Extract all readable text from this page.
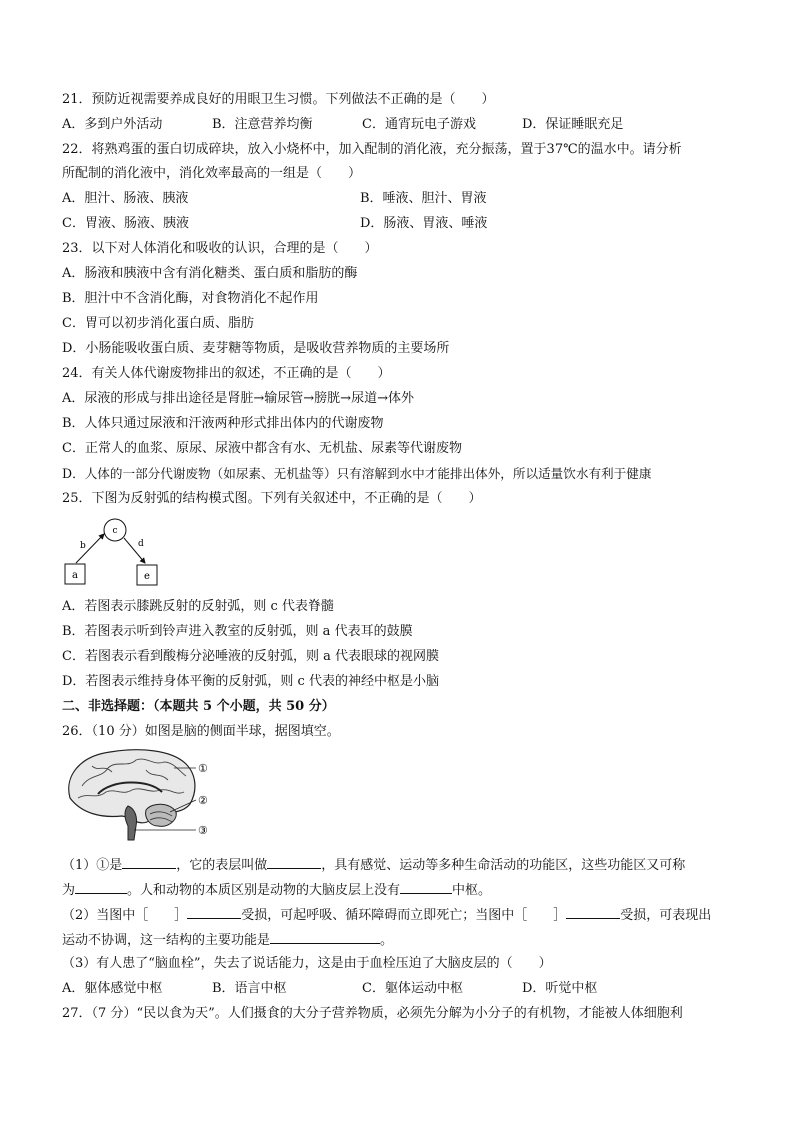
21．预防近视需要养成良好的用眼卫生习惯。下列做法不正确的是（　　）
A．多到户外活动	B．注意营养均衡	C．通宵玩电子游戏	D．保证睡眠充足
22．将熟鸡蛋的蛋白切成碎块，放入小烧杯中，加入配制的消化液，充分振荡，置于37℃的温水中。请分析
所配制的消化液中，消化效率最高的一组是（　　）
A．胆汁、肠液、胰液	B．唾液、胆汁、胃液
C．胃液、肠液、胰液	D．肠液、胃液、唾液
23．以下对人体消化和吸收的认识，合理的是（　　）
A．肠液和胰液中含有消化糖类、蛋白质和脂肪的酶
B．胆汁中不含消化酶，对食物消化不起作用
C．胃可以初步消化蛋白质、脂肪
D．小肠能吸收蛋白质、麦芽糖等物质，是吸收营养物质的主要场所
24．有关人体代谢废物排出的叙述，不正确的是（　　）
A．尿液的形成与排出途径是肾脏→输尿管→膀胱→尿道→体外
B．人体只通过尿液和汗液两种形式排出体内的代谢废物
C．正常人的血浆、原尿、尿液中都含有水、无机盐、尿素等代谢废物
D．人体的一部分代谢废物（如尿素、无机盐等）只有溶解到水中才能排出体外，所以适量饮水有利于健康
25．下图为反射弧的结构模式图。下列有关叙述中，不正确的是（　　）
c
a	e
b	d
A．若图表示膝跳反射的反射弧，则 c 代表脊髓
B．若图表示听到铃声进入教室的反射弧，则 a 代表耳的鼓膜
C．若图表示看到酸梅分泌唾液的反射弧，则 a 代表眼球的视网膜
D．若图表示维持身体平衡的反射弧，则 c 代表的神经中枢是小脑
二、非选择题：（本题共 5 个小题，共 50 分）
26．（10 分）如图是脑的侧面半球，据图填空。
①
②
③
（1）①是	，它的表层叫做	，具有感觉、运动等多种生命活动的功能区，这些功能区又可称
为	。人和动物的本质区别是动物的大脑皮层上没有	中枢。
（2）当图中［　　］	受损，可起呼吸、循环障碍而立即死亡；当图中［　　］	受损，可表现出
运动不协调，这一结构的主要功能是	。
（3）有人患了“脑血栓”，失去了说话能力，这是由于血栓压迫了大脑皮层的（　　）
A．躯体感觉中枢	B．语言中枢	C．躯体运动中枢	D．听觉中枢
27．（7 分）“民以食为天”。人们摄食的大分子营养物质，必须先分解为小分子的有机物，才能被人体细胞利
